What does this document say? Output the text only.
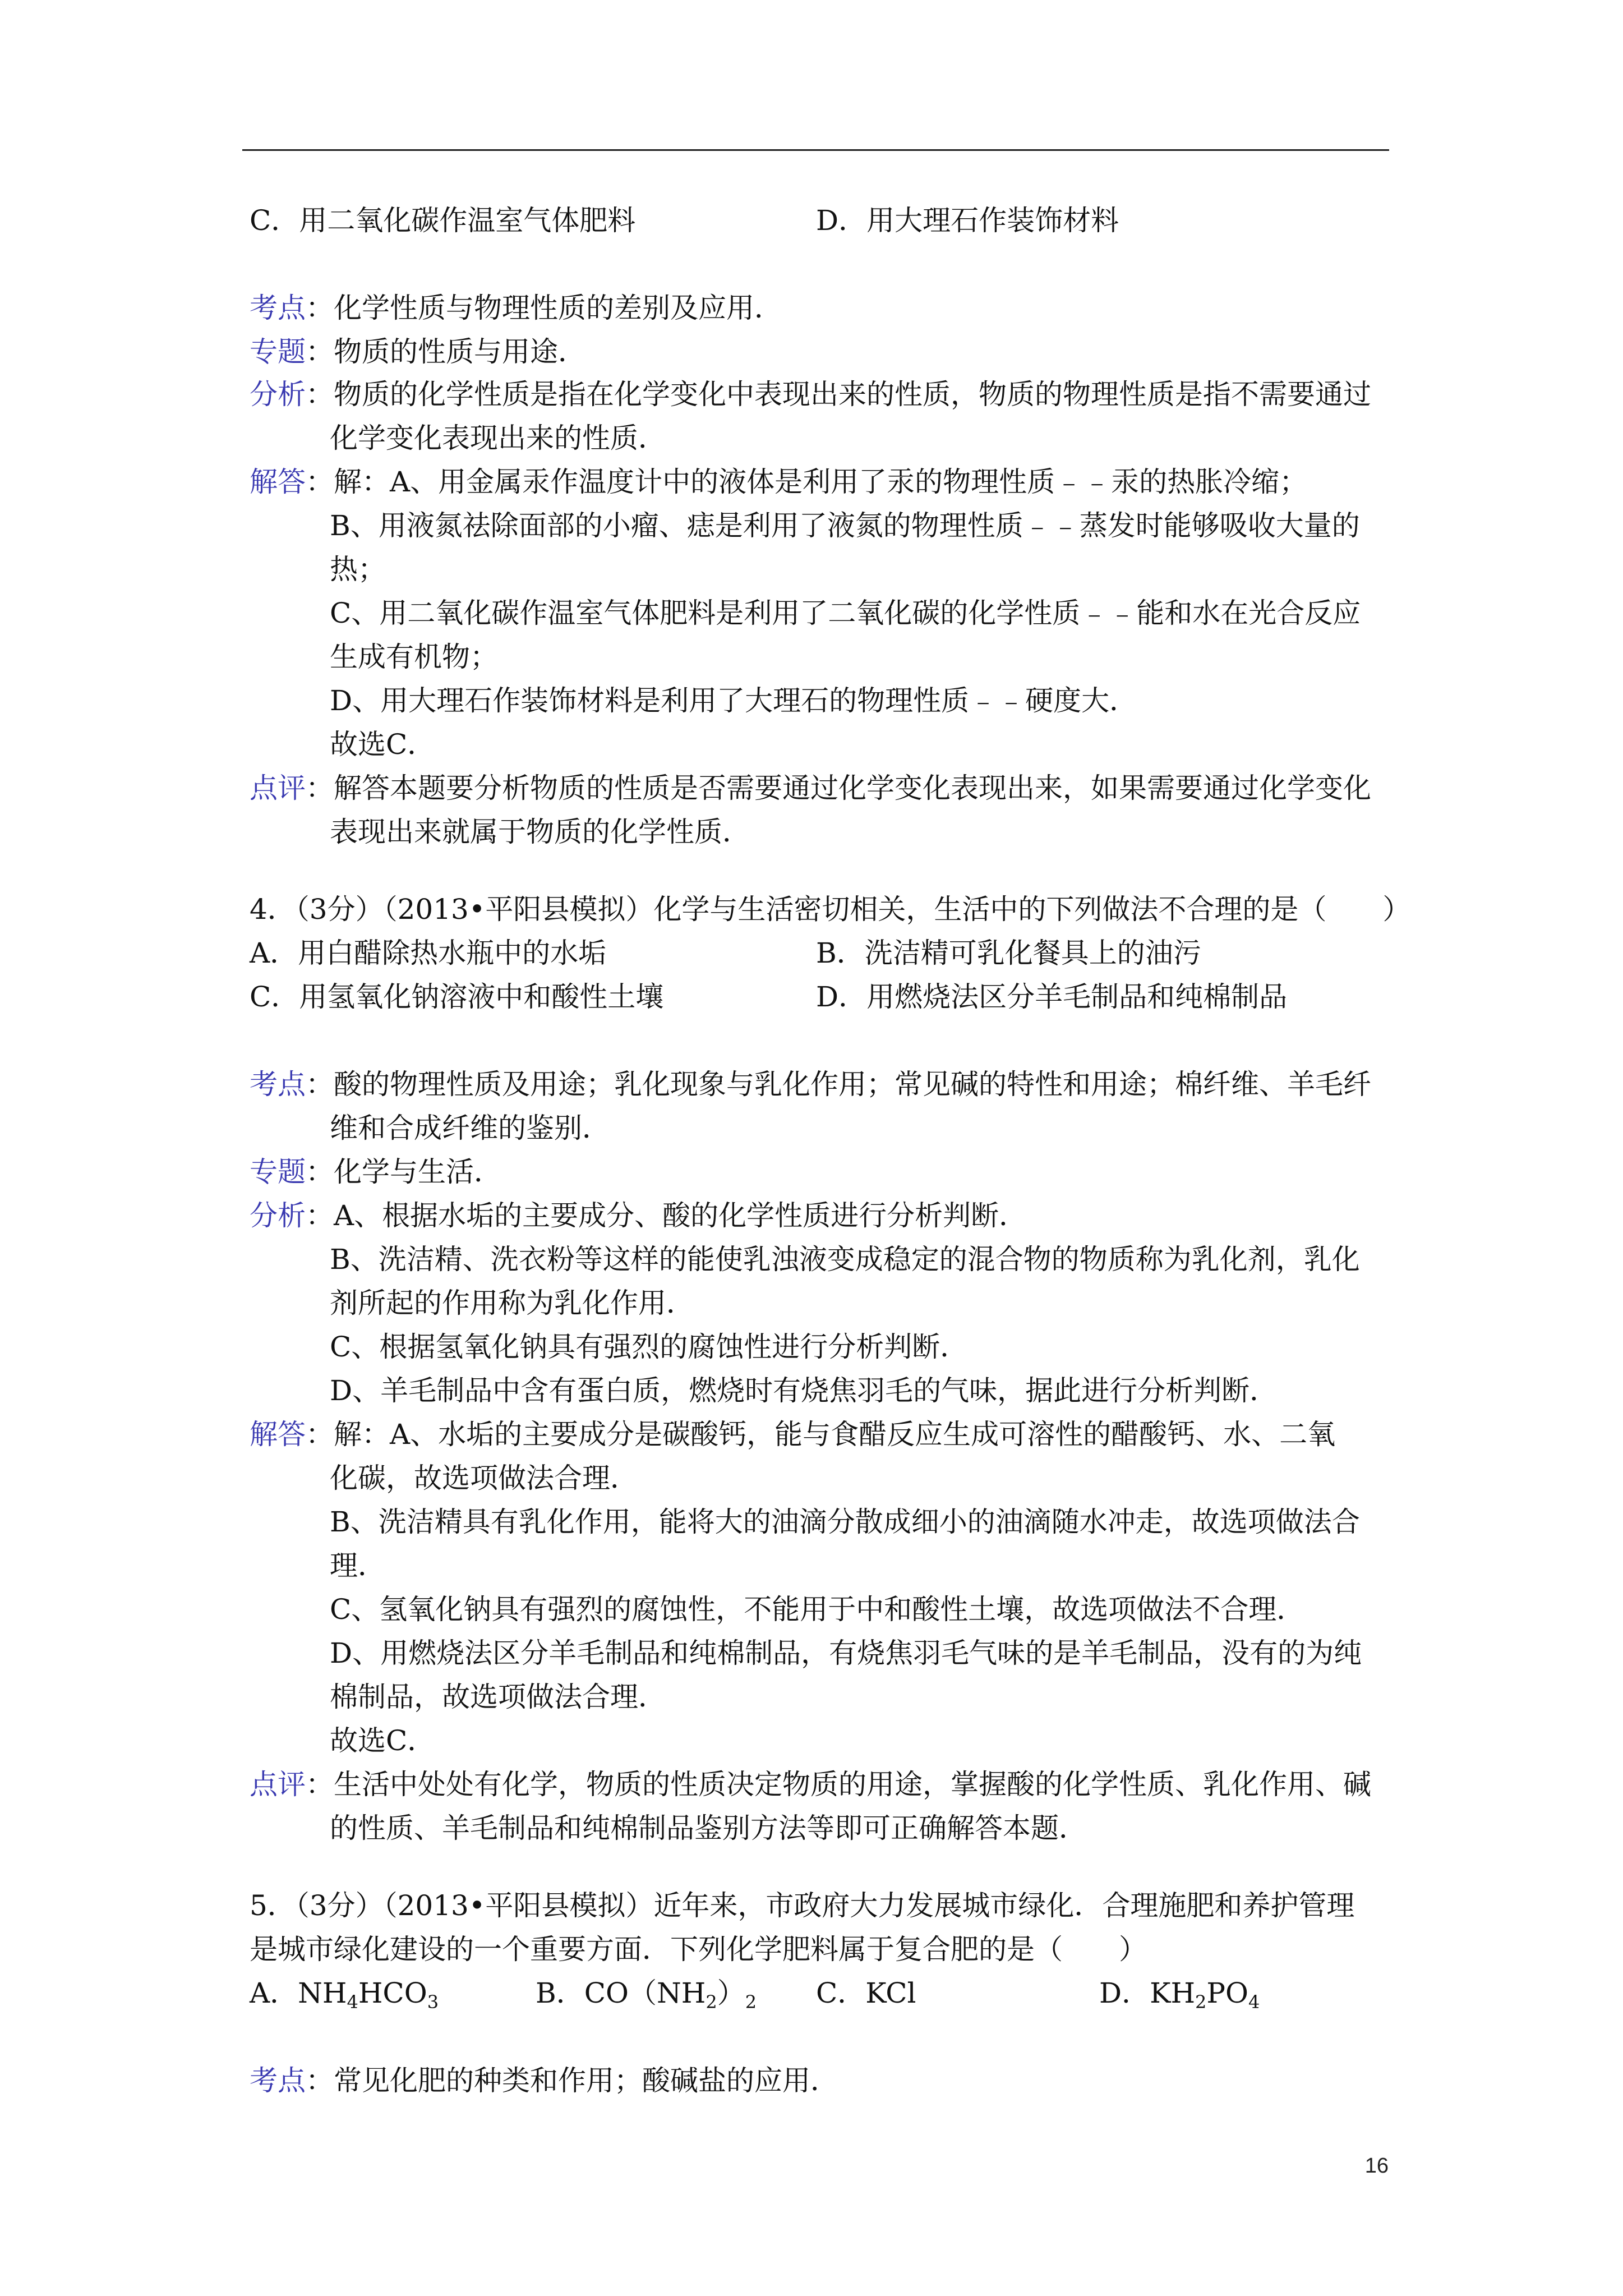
C．用二氧化碳作温室气体肥料	D．用大理石作装饰材料
考点：化学性质与物理性质的差别及应用．
专题：物质的性质与用途．
分析：物质的化学性质是指在化学变化中表现出来的性质，物质的物理性质是指不需要通过
化学变化表现出来的性质．
解答：解：A、用金属汞作温度计中的液体是利用了汞的物理性质﹣﹣汞的热胀冷缩；
B、用液氮祛除面部的小瘤、痣是利用了液氮的物理性质﹣﹣蒸发时能够吸收大量的
热；
C、用二氧化碳作温室气体肥料是利用了二氧化碳的化学性质﹣﹣能和水在光合反应
生成有机物；
D、用大理石作装饰材料是利用了大理石的物理性质﹣﹣硬度大．
故选C．
点评：解答本题要分析物质的性质是否需要通过化学变化表现出来，如果需要通过化学变化
表现出来就属于物质的化学性质．
4．（3分）（2013•平阳县模拟）化学与生活密切相关，生活中的下列做法不合理的是（　　）
A．用白醋除热水瓶中的水垢	B．洗洁精可乳化餐具上的油污
C．用氢氧化钠溶液中和酸性土壤	D．用燃烧法区分羊毛制品和纯棉制品
考点：酸的物理性质及用途；乳化现象与乳化作用；常见碱的特性和用途；棉纤维、羊毛纤
维和合成纤维的鉴别．
专题：化学与生活．
分析：A、根据水垢的主要成分、酸的化学性质进行分析判断．
B、洗洁精、洗衣粉等这样的能使乳浊液变成稳定的混合物的物质称为乳化剂，乳化
剂所起的作用称为乳化作用．
C、根据氢氧化钠具有强烈的腐蚀性进行分析判断．
D、羊毛制品中含有蛋白质，燃烧时有烧焦羽毛的气味，据此进行分析判断．
解答：解：A、水垢的主要成分是碳酸钙，能与食醋反应生成可溶性的醋酸钙、水、二氧
化碳，故选项做法合理．
B、洗洁精具有乳化作用，能将大的油滴分散成细小的油滴随水冲走，故选项做法合
理．
C、氢氧化钠具有强烈的腐蚀性，不能用于中和酸性土壤，故选项做法不合理．
D、用燃烧法区分羊毛制品和纯棉制品，有烧焦羽毛气味的是羊毛制品，没有的为纯
棉制品，故选项做法合理．
故选C．
点评：生活中处处有化学，物质的性质决定物质的用途，掌握酸的化学性质、乳化作用、碱
的性质、羊毛制品和纯棉制品鉴别方法等即可正确解答本题．
5．（3分）（2013•平阳县模拟）近年来，市政府大力发展城市绿化．合理施肥和养护管理
是城市绿化建设的一个重要方面．下列化学肥料属于复合肥的是（　　）
A．$NH_4HCO_3$	B．$CO(NH_2)_2$ C．KCl	D．$KH_2PO_4$
考点：常见化肥的种类和作用；酸碱盐的应用．
16
